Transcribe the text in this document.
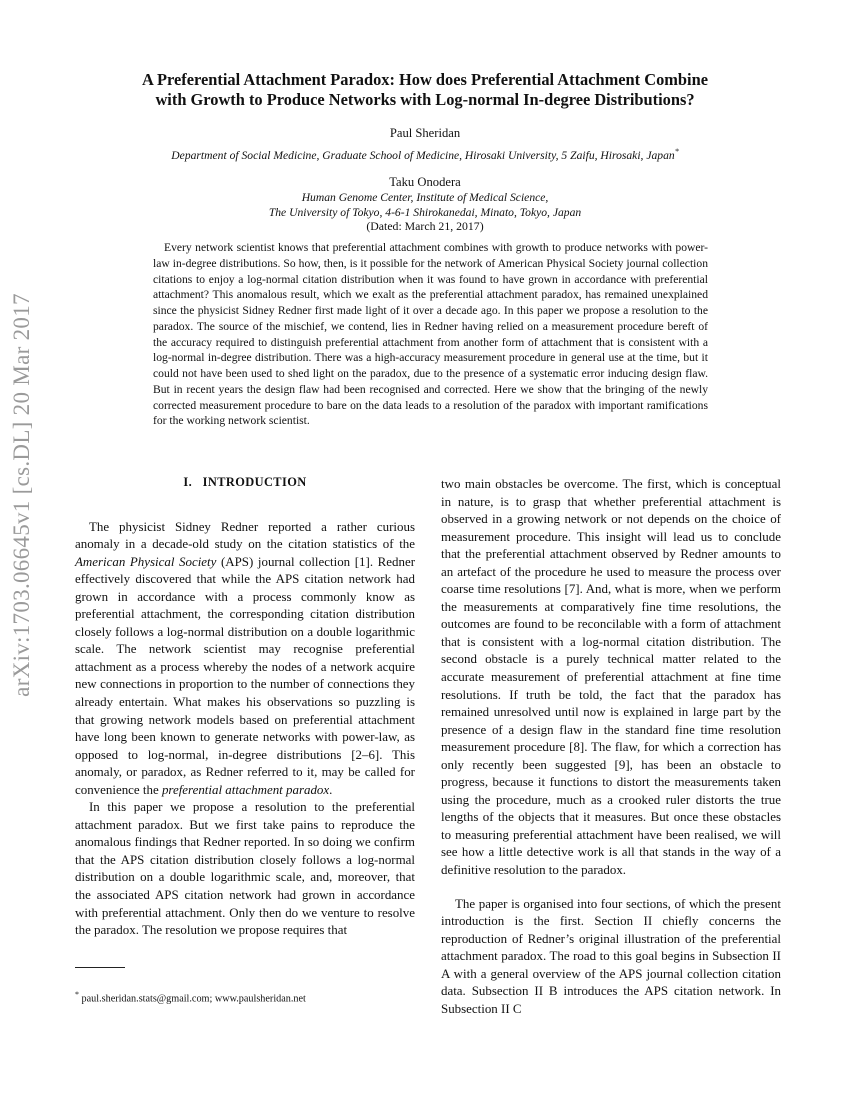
arXiv:1703.06645v1 [cs.DL] 20 Mar 2017
A Preferential Attachment Paradox: How does Preferential Attachment Combine
with Growth to Produce Networks with Log-normal In-degree Distributions?
Paul Sheridan
Department of Social Medicine, Graduate School of Medicine, Hirosaki University, 5 Zaifu, Hirosaki, Japan*
Taku Onodera
Human Genome Center, Institute of Medical Science,
The University of Tokyo, 4-6-1 Shirokanedai, Minato, Tokyo, Japan
(Dated: March 21, 2017)

Every network scientist knows that preferential attachment combines with growth to produce networks with power-law in-degree distributions. So how, then, is it possible for the network of American Physical Society journal collection citations to enjoy a log-normal citation distribution when it was found to have grown in accordance with preferential attachment? This anomalous result, which we exalt as the preferential attachment paradox, has remained unexplained since the physicist Sidney Redner first made light of it over a decade ago. In this paper we propose a resolution to the paradox. The source of the mischief, we contend, lies in Redner having relied on a measurement procedure bereft of the accuracy required to distinguish preferential attachment from another form of attachment that is consistent with a log-normal in-degree distribution. There was a high-accuracy measurement procedure in general use at the time, but it could not have been used to shed light on the paradox, due to the presence of a systematic error inducing design flaw. But in recent years the design flaw had been recognised and corrected. Here we show that the bringing of the newly corrected measurement procedure to bare on the data leads to a resolution of the paradox with important ramifications for the working network scientist.

I. INTRODUCTION

The physicist Sidney Redner reported a rather curious anomaly in a decade-old study on the citation statistics of the American Physical Society (APS) journal collection [1]. Redner effectively discovered that while the APS citation network had grown in accordance with a process commonly know as preferential attachment, the corresponding citation distribution closely follows a log-normal distribution on a double logarithmic scale. The network scientist may recognise preferential attachment as a process whereby the nodes of a network acquire new connections in proportion to the number of connections they already entertain. What makes his observations so puzzling is that growing network models based on preferential attachment have long been known to generate networks with power-law, as opposed to log-normal, in-degree distributions [2–6]. This anomaly, or paradox, as Redner referred to it, may be called for convenience the preferential attachment paradox.

In this paper we propose a resolution to the preferential attachment paradox. But we first take pains to reproduce the anomalous findings that Redner reported. In so doing we confirm that the APS citation distribution closely follows a log-normal distribution on a double logarithmic scale, and, moreover, that the associated APS citation network had grown in accordance with preferential attachment. Only then do we venture to resolve the paradox. The resolution we propose requires that

two main obstacles be overcome. The first, which is conceptual in nature, is to grasp that whether preferential attachment is observed in a growing network or not depends on the choice of measurement procedure. This insight will lead us to conclude that the preferential attachment observed by Redner amounts to an artefact of the procedure he used to measure the process over coarse time resolutions [7]. And, what is more, when we perform the measurements at comparatively fine time resolutions, the outcomes are found to be reconcilable with a form of attachment that is consistent with a log-normal citation distribution. The second obstacle is a purely technical matter related to the accurate measurement of preferential attachment at fine time resolutions. If truth be told, the fact that the paradox has remained unresolved until now is explained in large part by the presence of a design flaw in the standard fine time resolution measurement procedure [8]. The flaw, for which a correction has only recently been suggested [9], has been an obstacle to progress, because it functions to distort the measurements taken using the procedure, much as a crooked ruler distorts the true lengths of the objects that it measures. But once these obstacles to measuring preferential attachment have been realised, we will see how a little detective work is all that stands in the way of a definitive resolution to the paradox.

The paper is organised into four sections, of which the present introduction is the first. Section II chiefly concerns the reproduction of Redner’s original illustration of the preferential attachment paradox. The road to this goal begins in Subsection II A with a general overview of the APS journal collection citation data. Subsection II B introduces the APS citation network. In Subsection II C

* paul.sheridan.stats@gmail.com; www.paulsheridan.net
